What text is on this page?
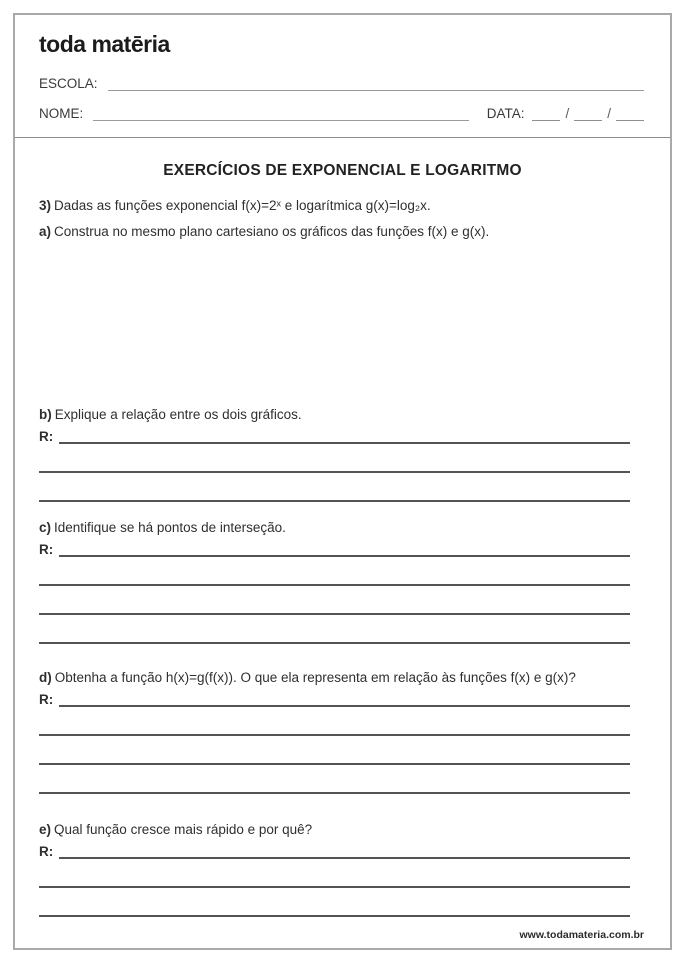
toda matēria
ESCOLA:
NOME:	DATA:	/	/
EXERCÍCIOS DE EXPONENCIAL E LOGARITMO

3) Dadas as funções exponencial f(x)=2ˣ e logarítmica g(x)=log₂x.

a) Construa no mesmo plano cartesiano os gráficos das funções f(x) e g(x).

b) Explique a relação entre os dois gráficos.

R:

c) Identifique se há pontos de interseção.

R:

d) Obtenha a função h(x)=g(f(x)). O que ela representa em relação às funções f(x) e g(x)?

R:

e) Qual função cresce mais rápido e por quê?

R:
www.todamateria.com.br
